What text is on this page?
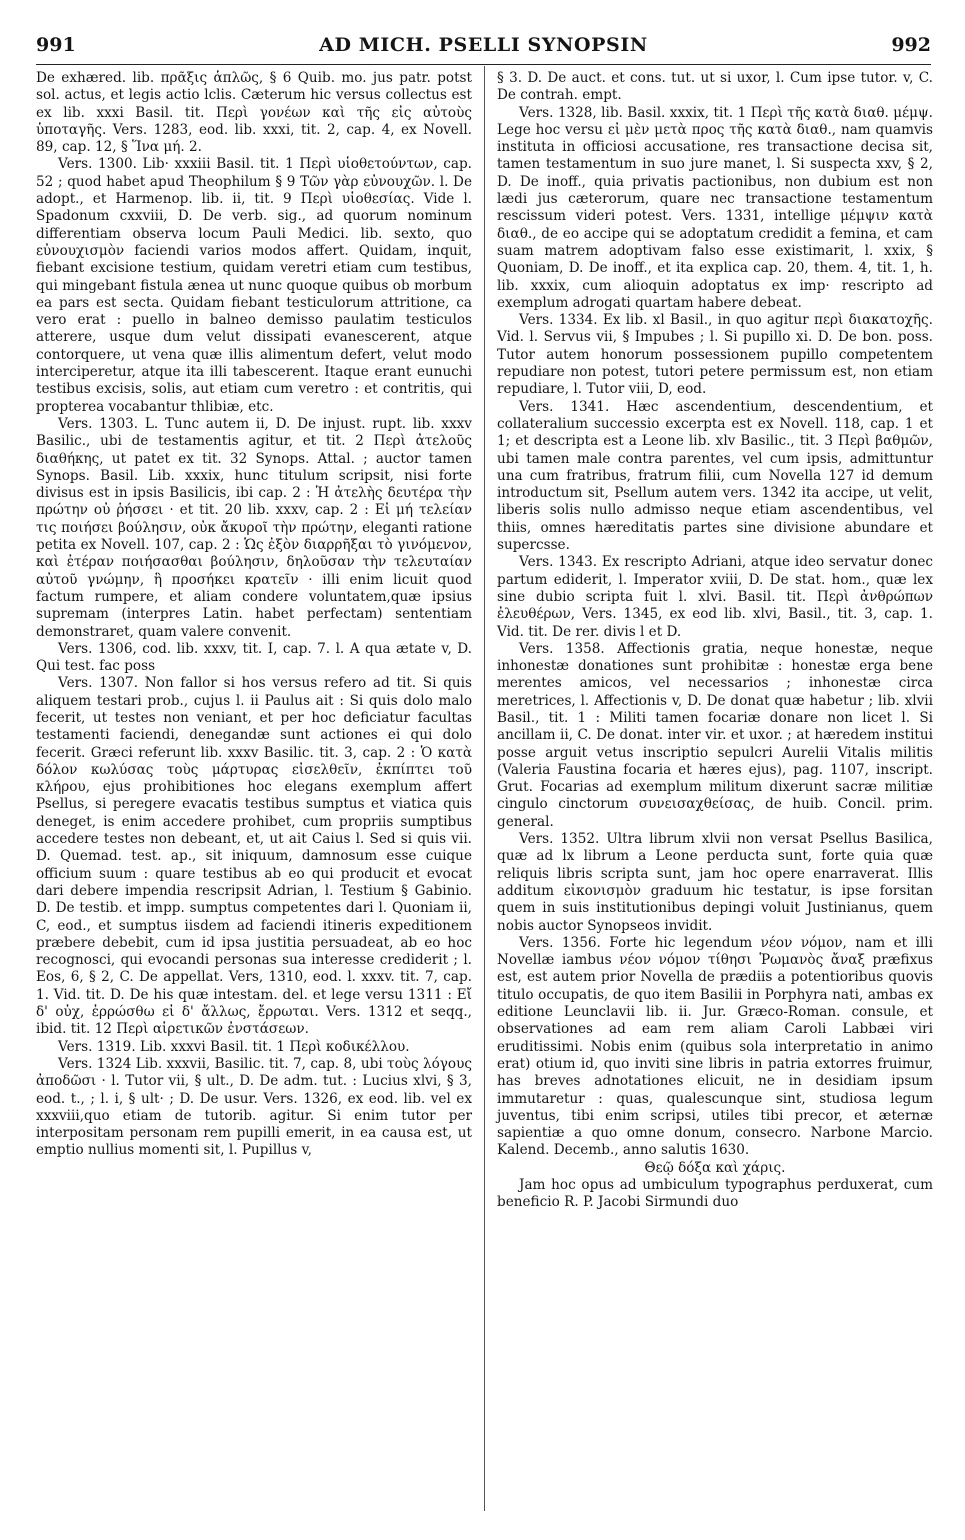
991	AD MICH. PSELLI SYNOPSIN	992

De exhæred. lib. πρᾶξις ἁπλῶς, § 6 Quib. mo. jus patr. potst sol. actus, et legis actio lclis. Cæterum hic versus collectus est ex lib. xxxi Basil. tit. Περὶ γονέων καὶ τῆς εἰς αὐτοὺς ὑποταγῆς. Vers. 1283, eod. lib. xxxi, tit. 2, cap. 4, ex Novell. 89, cap. 12, § Ἵνα μή. 2.

Vers. 1300. Lib· xxxiii Basil. tit. 1 Περὶ υἱοθετούντων, cap. 52 ; quod habet apud Theophilum § 9 Τῶν γὰρ εὐνουχῶν. l. De adopt., et Harmenop. lib. ii, tit. 9 Περὶ υἱοθεσίας. Vide l. Spadonum cxxviii, D. De verb. sig., ad quorum nominum differentiam observa locum Pauli Medici. lib. sexto, quo εὐνουχισμὸν faciendi varios modos affert. Quidam, inquit, fiebant excisione testium, quidam veretri etiam cum testibus, qui mingebant fistula ænea ut nunc quoque quibus ob morbum ea pars est secta. Quidam fiebant testiculorum attritione, ca vero erat : puello in balneo demisso paulatim testiculos atterere, usque dum velut dissipati evanescerent, atque contorquere, ut vena quæ illis alimentum defert, velut modo interciperetur, atque ita illi tabescerent. Itaque erant eunuchi testibus excisis, solis, aut etiam cum veretro : et contritis, qui propterea vocabantur thlibiæ, etc.

Vers. 1303. L. Tunc autem ii, D. De injust. rupt. lib. xxxv Basilic., ubi de testamentis agitur, et tit. 2 Περὶ ἀτελοῦς διαθήκης, ut patet ex tit. 32 Synops. Attal. ; auctor tamen Synops. Basil. Lib. xxxix, hunc titulum scripsit, nisi forte divisus est in ipsis Basilicis, ibi cap. 2 : Ἡ ἀτελὴς δευτέρα τὴν πρώτην οὐ ῥήσσει · et tit. 20 lib. xxxv, cap. 2 : Εἰ μή τελείαν τις ποιήσει βούλησιν, οὐκ ἄκυροῖ τὴν πρώτην, eleganti ratione petita ex Novell. 107, cap. 2 : Ὡς ἐξὸν διαρρῆξαι τὸ γινόμενον, καὶ ἑτέραν ποιήσασθαι βούλησιν, δηλοῦσαν τὴν τελευταίαν αὐτοῦ γνώμην, ἣ προσήκει κρατεῖν · illi enim licuit quod factum rumpere, et aliam condere voluntatem,quæ ipsius supremam (interpres Latin. habet perfectam) sententiam demonstraret, quam valere convenit.

Vers. 1306, cod. lib. xxxv, tit. I, cap. 7. l. A qua ætate v, D. Qui test. fac poss

Vers. 1307. Non fallor si hos versus refero ad tit. Si quis aliquem testari prob., cujus l. ii Paulus ait : Si quis dolo malo fecerit, ut testes non veniant, et per hoc deficiatur facultas testamenti faciendi, denegandæ sunt actiones ei qui dolo fecerit. Græci referunt lib. xxxv Basilic. tit. 3, cap. 2 : Ὁ κατὰ δόλον κωλύσας τοὺς μάρτυρας εἰσελθεῖν, ἐκπίπτει τοῦ κλήρου, ejus prohibitiones hoc elegans exemplum affert Psellus, si peregere evacatis testibus sumptus et viatica quis deneget, is enim accedere prohibet, cum propriis sumptibus accedere testes non debeant, et, ut ait Caius l. Sed si quis vii. D. Quemad. test. ap., sit iniquum, damnosum esse cuique officium suum : quare testibus ab eo qui producit et evocat dari debere impendia rescripsit Adrian, l. Testium § Gabinio. D. De testib. et impp. sumptus competentes dari l. Quoniam ii, C, eod., et sumptus iisdem ad faciendi itineris expeditionem præbere debebit, cum id ipsa justitia persuadeat, ab eo hoc recognosci, qui evocandi personas sua interesse crediderit ; l. Eos, 6, § 2, C. De appellat. Vers, 1310, eod. l. xxxv. tit. 7, cap. 1. Vid. tit. D. De his quæ intestam. del. et lege versu 1311 : Εἴ δ' οὐχ, ἐρρώσθω εἰ δ' ἄλλως, ἔρρωται. Vers. 1312 et seqq., ibid. tit. 12 Περὶ αἱρετικῶν ἐνστάσεων.

Vers. 1319. Lib. xxxvi Basil. tit. 1 Περὶ κοδικέλλου.

Vers. 1324 Lib. xxxvii, Basilic. tit. 7, cap. 8, ubi τοὺς λόγους ἀποδῶσι · l. Tutor vii, § ult., D. De adm. tut. : Lucius xlvi, § 3, eod. t., ; l. i, § ult· ; D. De usur. Vers. 1326, ex eod. lib. vel ex xxxviii,quo etiam de tutorib. agitur. Si enim tutor per interpositam personam rem pupilli emerit, in ea causa est, ut emptio nullius momenti sit, l. Pupillus v,

§ 3. D. De auct. et cons. tut. ut si uxor, l. Cum ipse tutor. v, C. De contrah. empt.

Vers. 1328, lib. Basil. xxxix, tit. 1 Περὶ τῆς κατὰ διαθ. μέμψ. Lege hoc versu εἰ μὲν μετὰ προς τῆς κατὰ διαθ., nam quamvis instituta in officiosi accusatione, res transactione decisa sit, tamen testamentum in suo jure manet, l. Si suspecta xxv, § 2, D. De inoff., quia privatis pactionibus, non dubium est non lædi jus cæterorum, quare nec transactione testamentum rescissum videri potest. Vers. 1331, intellige μέμψιν κατὰ διαθ., de eo accipe qui se adoptatum credidit a femina, et cam suam matrem adoptivam falso esse existimarit, l. xxix, § Quoniam, D. De inoff., et ita explica cap. 20, them. 4, tit. 1, h. lib. xxxix, cum alioquin adoptatus ex imp· rescripto ad exemplum adrogati quartam habere debeat.

Vers. 1334. Ex lib. xl Basil., in quo agitur περὶ διακατοχῆς. Vid. l. Servus vii, § Impubes ; l. Si pupillo xi. D. De bon. poss. Tutor autem honorum possessionem pupillo competentem repudiare non potest, tutori petere permissum est, non etiam repudiare, l. Tutor viii, D, eod.

Vers. 1341. Hæc ascendentium, descendentium, et collateralium successio excerpta est ex Novell. 118, cap. 1 et 1; et descripta est a Leone lib. xlv Basilic., tit. 3 Περὶ βαθμῶν, ubi tamen male contra parentes, vel cum ipsis, admittuntur una cum fratribus, fratrum filii, cum Novella 127 id demum introductum sit, Psellum autem vers. 1342 ita accipe, ut velit, liberis solis nullo admisso neque etiam ascendentibus, vel thiis, omnes hæreditatis partes sine divisione abundare et supercsse.

Vers. 1343. Ex rescripto Adriani, atque ideo servatur donec partum ediderit, l. Imperator xviii, D. De stat. hom., quæ lex sine dubio scripta fuit l. xlvi. Basil. tit. Περὶ ἀνθρώπων ἐλευθέρων, Vers. 1345, ex eod lib. xlvi, Basil., tit. 3, cap. 1. Vid. tit. De rer. divis l et D.

Vers. 1358. Affectionis gratia, neque honestæ, neque inhonestæ donationes sunt prohibitæ : honestæ erga bene merentes amicos, vel necessarios ; inhonestæ circa meretrices, l. Affectionis v, D. De donat quæ habetur ; lib. xlvii Basil., tit. 1 : Militi tamen focariæ donare non licet l. Si ancillam ii, C. De donat. inter vir. et uxor. ; at hæredem institui posse arguit vetus inscriptio sepulcri Aurelii Vitalis militis (Valeria Faustina focaria et hæres ejus), pag. 1107, inscript. Grut. Focarias ad exemplum militum dixerunt sacræ militiæ cingulo cinctorum συνεισαχθείσας, de huib. Concil. prim. general.

Vers. 1352. Ultra librum xlvii non versat Psellus Basilica, quæ ad lx librum a Leone perducta sunt, forte quia quæ reliquis libris scripta sunt, jam hoc opere enarraverat. Illis additum εἰκονισμὸν graduum hic testatur, is ipse forsitan quem in suis institutionibus depingi voluit Justinianus, quem nobis auctor Synopseos invidit.

Vers. 1356. Forte hic legendum νέον νόμον, nam et illi Novellæ iambus νέον νόμον τίθησι Ῥωμανὸς ἄναξ præfixus est, est autem prior Novella de prædiis a potentioribus quovis titulo occupatis, de quo item Basilii in Porphyra nati, ambas ex editione Leunclavii lib. ii. Jur. Græco-Roman. consule, et observationes ad eam rem aliam Caroli Labbæi viri eruditissimi. Nobis enim (quibus sola interpretatio in animo erat) otium id, quo inviti sine libris in patria extorres fruimur, has breves adnotationes elicuit, ne in desidiam ipsum immutaretur : quas, qualescunque sint, studiosa legum juventus, tibi enim scripsi, utiles tibi precor, et æternæ sapientiæ a quo omne donum, consecro. Narbone Marcio. Kalend. Decemb., anno salutis 1630.

Θεῷ δόξα καὶ χάρις.

Jam hoc opus ad umbiculum typographus perduxerat, cum beneficio R. P. Jacobi Sirmundi duo
